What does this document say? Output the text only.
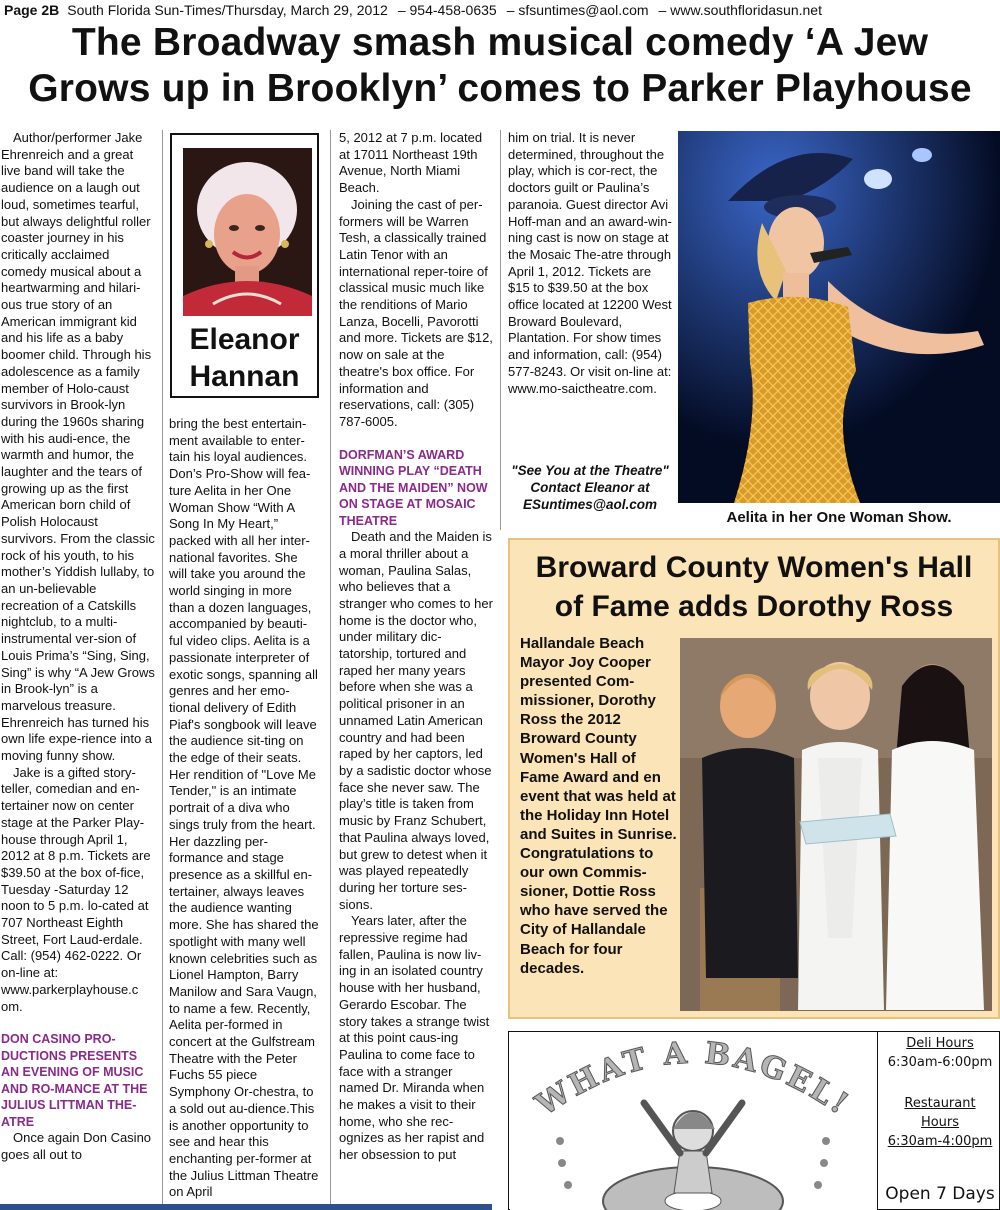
Page 2B South Florida Sun-Times/Thursday, March 29, 2012 – 954-458-0635 – sfsuntimes@aol.com – www.southfloridasun.net
The Broadway smash musical comedy ‘A Jew
Grows up in Brooklyn’ comes to Parker Playhouse

Author/performer Jake Ehrenreich and a great live band will take the audience on a laugh out loud, sometimes tearful, but always delightful roller coaster journey in his critically acclaimed comedy musical about a heartwarming and hilari-ous true story of an American immigrant kid and his life as a baby boomer child. Through his adolescence as a family member of Holo-caust survivors in Brook-lyn during the 1960s sharing with his audi-ence, the warmth and humor, the laughter and the tears of growing up as the first American born child of Polish Holocaust survivors. From the classic rock of his youth, to his mother’s Yiddish lullaby, to an un-believable recreation of a Catskills nightclub, to a multi-instrumental ver-sion of Louis Prima’s “Sing, Sing, Sing” is why “A Jew Grows in Brook-lyn” is a marvelous treasure. Ehrenreich has turned his own life expe-rience into a moving funny show.

Jake is a gifted story-teller, comedian and en-tertainer now on center stage at the Parker Play-house through April 1, 2012 at 8 p.m. Tickets are $39.50 at the box of-fice, Tuesday -Saturday 12 noon to 5 p.m. lo-cated at 707 Northeast Eighth Street, Fort Laud-erdale. Call: (954) 462-0222. Or on-line at: www.parkerplayhouse.c om.

DON CASINO PRO-DUCTIONS PRESENTS AN EVENING OF MUSIC AND RO-MANCE AT THE JULIUS LITTMAN THE-ATRE

Once again Don Casino goes all out to

Eleanor
Hannan

bring the best entertain-ment available to enter-tain his loyal audiences. Don’s Pro-Show will fea-ture Aelita in her One Woman Show “With A Song In My Heart,” packed with all her inter-national favorites. She will take you around the world singing in more than a dozen languages, accompanied by beauti-ful video clips. Aelita is a passionate interpreter of exotic songs, spanning all genres and her emo-tional delivery of Edith Piaf's songbook will leave the audience sit-ting on the edge of their seats. Her rendition of "Love Me Tender," is an intimate portrait of a diva who sings truly from the heart. Her dazzling per-formance and stage presence as a skillful en-tertainer, always leaves the audience wanting more. She has shared the spotlight with many well known celebrities such as Lionel Hampton, Barry Manilow and Sara Vaugn, to name a few. Recently, Aelita per-formed in concert at the Gulfstream Theatre with the Peter Fuchs 55 piece Symphony Or-chestra, to a sold out au-dience.This is another opportunity to see and hear this enchanting per-former at the Julius Littman Theatre on April

5, 2012 at 7 p.m. located at 17011 Northeast 19th Avenue, North Miami Beach.

Joining the cast of per-formers will be Warren Tesh, a classically trained Latin Tenor with an international reper-toire of classical music much like the renditions of Mario Lanza, Bocelli, Pavorotti and more. Tickets are $12, now on sale at the theatre's box office. For information and reservations, call: (305) 787-6005.

DORFMAN’S AWARD WINNING PLAY “DEATH AND THE MAIDEN” NOW ON STAGE AT MOSAIC THEATRE

Death and the Maiden is a moral thriller about a woman, Paulina Salas, who believes that a stranger who comes to her home is the doctor who, under military dic-tatorship, tortured and raped her many years before when she was a political prisoner in an unnamed Latin American country and had been raped by her captors, led by a sadistic doctor whose face she never saw. The play’s title is taken from music by Franz Schubert, that Paulina always loved, but grew to detest when it was played repeatedly during her torture ses-sions.

Years later, after the repressive regime had fallen, Paulina is now liv-ing in an isolated country house with her husband, Gerardo Escobar. The story takes a strange twist at this point caus-ing Paulina to come face to face with a stranger named Dr. Miranda when he makes a visit to their home, who she rec-ognizes as her rapist and her obsession to put

him on trial. It is never determined, throughout the play, which is cor-rect, the doctors guilt or Paulina’s paranoia. Guest director Avi Hoff-man and an award-win-ning cast is now on stage at the Mosaic The-atre through April 1, 2012. Tickets are $15 to $39.50 at the box office located at 12200 West Broward Boulevard, Plantation. For show times and information, call: (954) 577-8243. Or visit on-line at: www.mo-saictheatre.com.

"See You at the Theatre"
Contact Eleanor at ESuntimes@aol.com
Aelita in her One Woman Show.
Broward County Women's Hall
of Fame adds Dorothy Ross
Hallandale Beach Mayor Joy Cooper presented Com-missioner, Dorothy Ross the 2012 Broward County Women's Hall of Fame Award and en event that was held at the Holiday Inn Hotel and Suites in Sunrise. Congratulations to our own Commis-sioner, Dottie Ross who have served the City of Hallandale Beach for four decades.
WHAT A BAGEL!
Deli Hours
6:30am-6:00pm
Restaurant
Hours
6:30am-4:00pm
Open 7 Days
